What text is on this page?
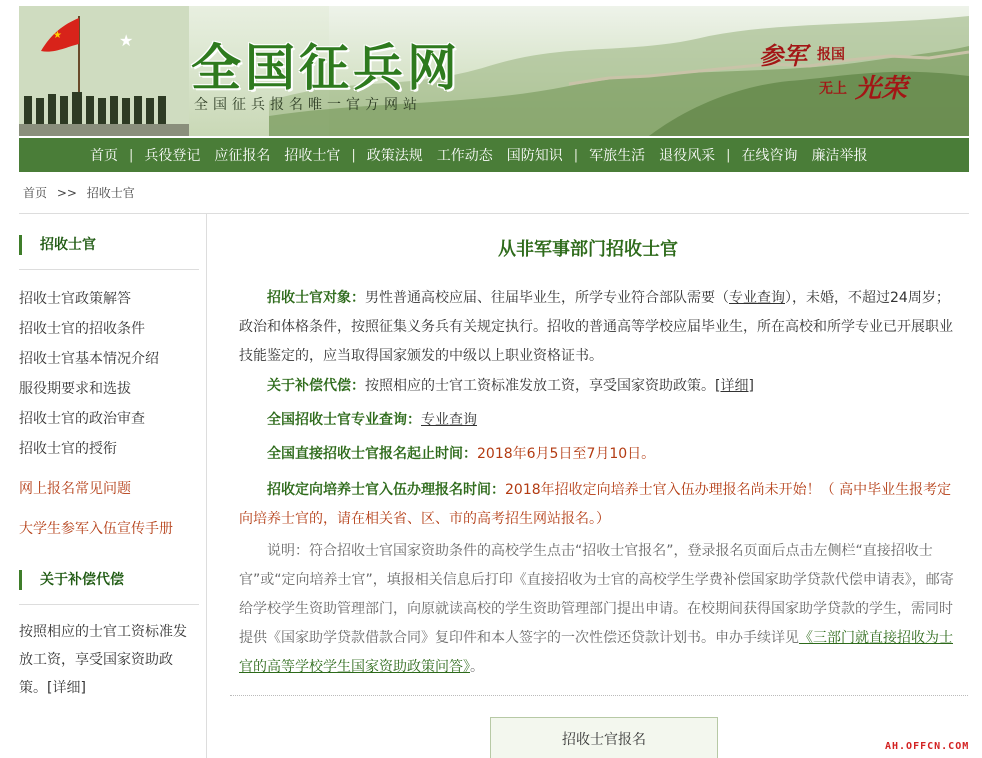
★	★ 全国征兵网
全国征兵报名唯一官方网站
参军 报国
无上 光荣
首页 | 兵役登记	应征报名	招收士官 | 政策法规	工作动态	国防知识 | 军旅生活	退役风采 | 在线咨询	廉洁举报
首页 >> 招收士官
招收士官
招收士官政策解答
招收士官的招收条件
招收士官基本情况介绍
服役期要求和选拔
招收士官的政治审查
招收士官的授衔
网上报名常见问题
大学生参军入伍宣传手册
关于补偿代偿
按照相应的士官工资标准发放工资，享受国家资助政策。[详细]
从非军事部门招收士官
招收士官对象：男性普通高校应届、往届毕业生，所学专业符合部队需要（专业查询），未婚，不超过24周岁；政治和体格条件，按照征集义务兵有关规定执行。招收的普通高等学校应届毕业生，所在高校和所学专业已开展职业技能鉴定的，应当取得国家颁发的中级以上职业资格证书。
关于补偿代偿：按照相应的士官工资标准发放工资，享受国家资助政策。[详细]
全国招收士官专业查询：专业查询
全国直接招收士官报名起止时间：2018年6月5日至7月10日。
招收定向培养士官入伍办理报名时间：2018年招收定向培养士官入伍办理报名尚未开始！（ 高中毕业生报考定向培养士官的，请在相关省、区、市的高考招生网站报名。）
说明：符合招收士官国家资助条件的高校学生点击“招收士官报名”，登录报名页面后点击左侧栏“直接招收士官”或“定向培养士官”，填报相关信息后打印《直接招收为士官的高校学生学费补偿国家助学贷款代偿申请表》，邮寄给学校学生资助管理部门，向原就读高校的学生资助管理部门提出申请。在校期间获得国家助学贷款的学生，需同时提供《国家助学贷款借款合同》复印件和本人签字的一次性偿还贷款计划书。申办手续详见《三部门就直接招收为士官的高等学校学生国家资助政策问答》。
招收士官报名	AH.OFFCN.COM
